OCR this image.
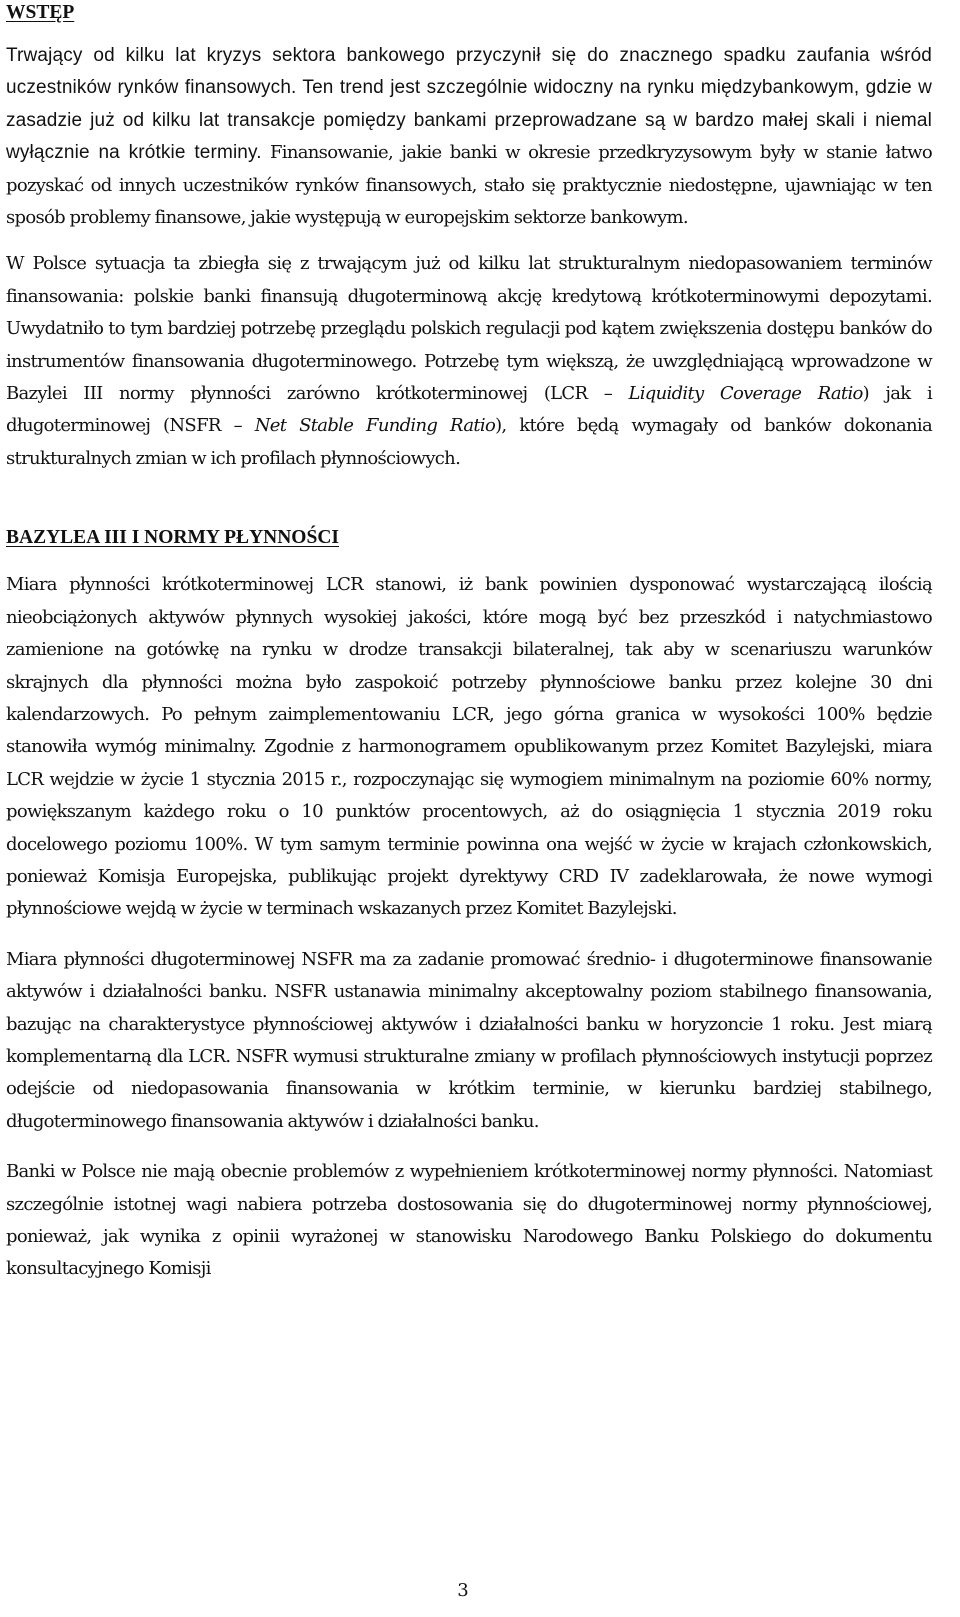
WSTĘP

Trwający od kilku lat kryzys sektora bankowego przyczynił się do znacznego spadku zaufania wśród uczestników rynków finansowych. Ten trend jest szczególnie widoczny na rynku międzybankowym, gdzie w zasadzie już od kilku lat transakcje pomiędzy bankami przeprowadzane są w bardzo małej skali i niemal wyłącznie na krótkie terminy. Finansowanie, jakie banki w okresie przedkryzysowym były w stanie łatwo pozyskać od innych uczestników rynków finansowych, stało się praktycznie niedostępne, ujawniając w ten sposób problemy finansowe, jakie występują w europejskim sektorze bankowym.

W Polsce sytuacja ta zbiegła się z trwającym już od kilku lat strukturalnym niedopasowaniem terminów finansowania: polskie banki finansują długoterminową akcję kredytową krótkoterminowymi depozytami. Uwydatniło to tym bardziej potrzebę przeglądu polskich regulacji pod kątem zwiększenia dostępu banków do instrumentów finansowania długoterminowego. Potrzebę tym większą, że uwzględniającą wprowadzone w Bazylei III normy płynności zarówno krótkoterminowej (LCR – Liquidity Coverage Ratio) jak i długoterminowej (NSFR – Net Stable Funding Ratio), które będą wymagały od banków dokonania strukturalnych zmian w ich profilach płynnościowych.

BAZYLEA III I NORMY PŁYNNOŚCI

Miara płynności krótkoterminowej LCR stanowi, iż bank powinien dysponować wystarczającą ilością nieobciążonych aktywów płynnych wysokiej jakości, które mogą być bez przeszkód i natychmiastowo zamienione na gotówkę na rynku w drodze transakcji bilateralnej, tak aby w scenariuszu warunków skrajnych dla płynności można było zaspokoić potrzeby płynnościowe banku przez kolejne 30 dni kalendarzowych. Po pełnym zaimplementowaniu LCR, jego górna granica w wysokości 100% będzie stanowiła wymóg minimalny. Zgodnie z harmonogramem opublikowanym przez Komitet Bazylejski, miara LCR wejdzie w życie 1 stycznia 2015 r., rozpoczynając się wymogiem minimalnym na poziomie 60% normy, powiększanym każdego roku o 10 punktów procentowych, aż do osiągnięcia 1 stycznia 2019 roku docelowego poziomu 100%. W tym samym terminie powinna ona wejść w życie w krajach członkowskich, ponieważ Komisja Europejska, publikując projekt dyrektywy CRD IV zadeklarowała, że nowe wymogi płynnościowe wejdą w życie w terminach wskazanych przez Komitet Bazylejski.

Miara płynności długoterminowej NSFR ma za zadanie promować średnio- i długoterminowe finansowanie aktywów i działalności banku. NSFR ustanawia minimalny akceptowalny poziom stabilnego finansowania, bazując na charakterystyce płynnościowej aktywów i działalności banku w horyzoncie 1 roku. Jest miarą komplementarną dla LCR. NSFR wymusi strukturalne zmiany w profilach płynnościowych instytucji poprzez odejście od niedopasowania finansowania w krótkim terminie, w kierunku bardziej stabilnego, długoterminowego finansowania aktywów i działalności banku.

Banki w Polsce nie mają obecnie problemów z wypełnieniem krótkoterminowej normy płynności. Natomiast szczególnie istotnej wagi nabiera potrzeba dostosowania się do długoterminowej normy płynnościowej, ponieważ, jak wynika z opinii wyrażonej w stanowisku Narodowego Banku Polskiego do dokumentu konsultacyjnego Komisji

3
